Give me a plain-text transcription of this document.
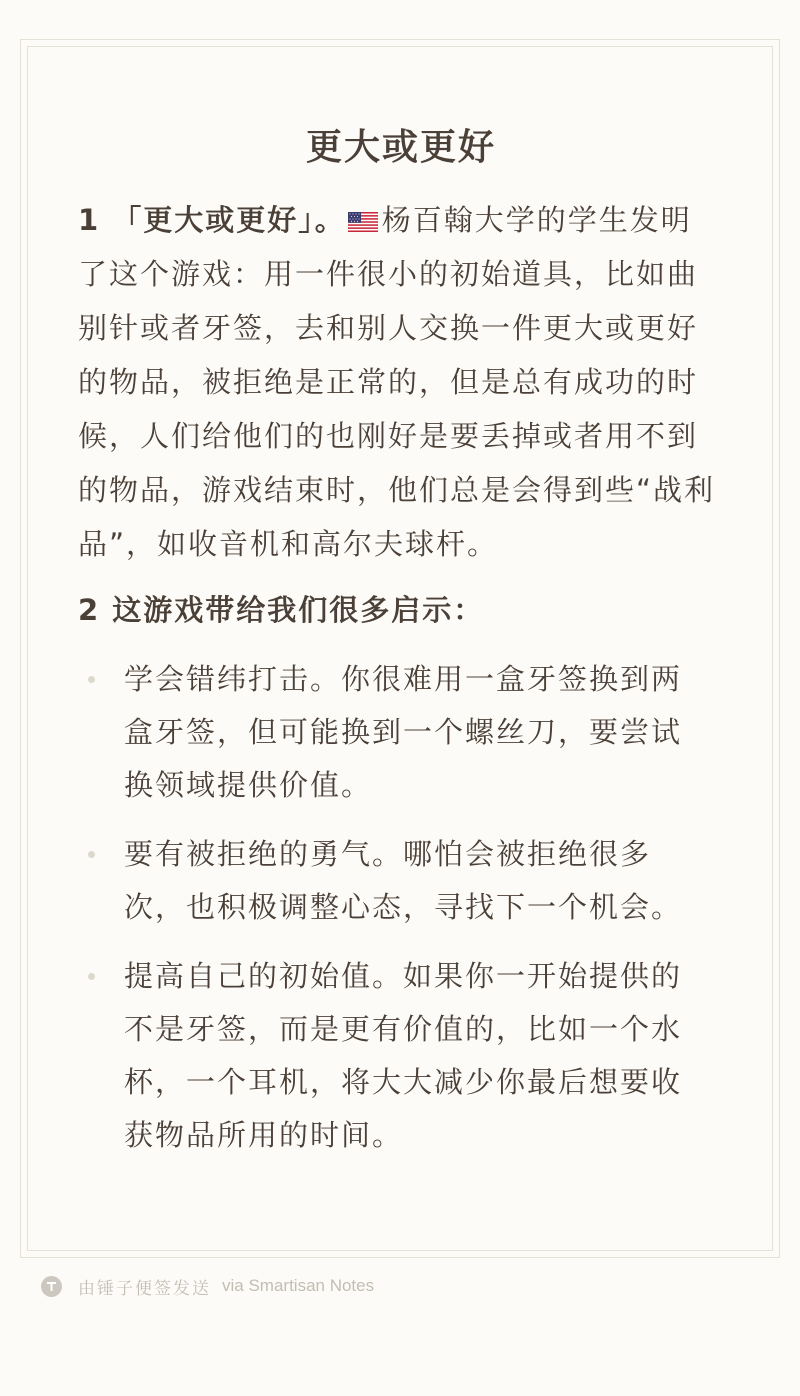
更大或更好
1 「更大或更好」。 杨百翰大学的学生发明
了这个游戏：用一件很小的初始道具，比如曲
别针或者牙签，去和别人交换一件更大或更好
的物品，被拒绝是正常的，但是总有成功的时
候，人们给他们的也刚好是要丢掉或者用不到
的物品，游戏结束时，他们总是会得到些“战利
品”，如收音机和高尔夫球杆。
2 这游戏带给我们很多启示：
学会错纬打击。你很难用一盒牙签换到两
盒牙签，但可能换到一个螺丝刀，要尝试
换领域提供价值。
要有被拒绝的勇气。哪怕会被拒绝很多
次，也积极调整心态，寻找下一个机会。
提高自己的初始值。如果你一开始提供的
不是牙签，而是更有价值的，比如一个水
杯，一个耳机，将大大减少你最后想要收
获物品所用的时间。
由锤子便签发送 via Smartisan Notes
